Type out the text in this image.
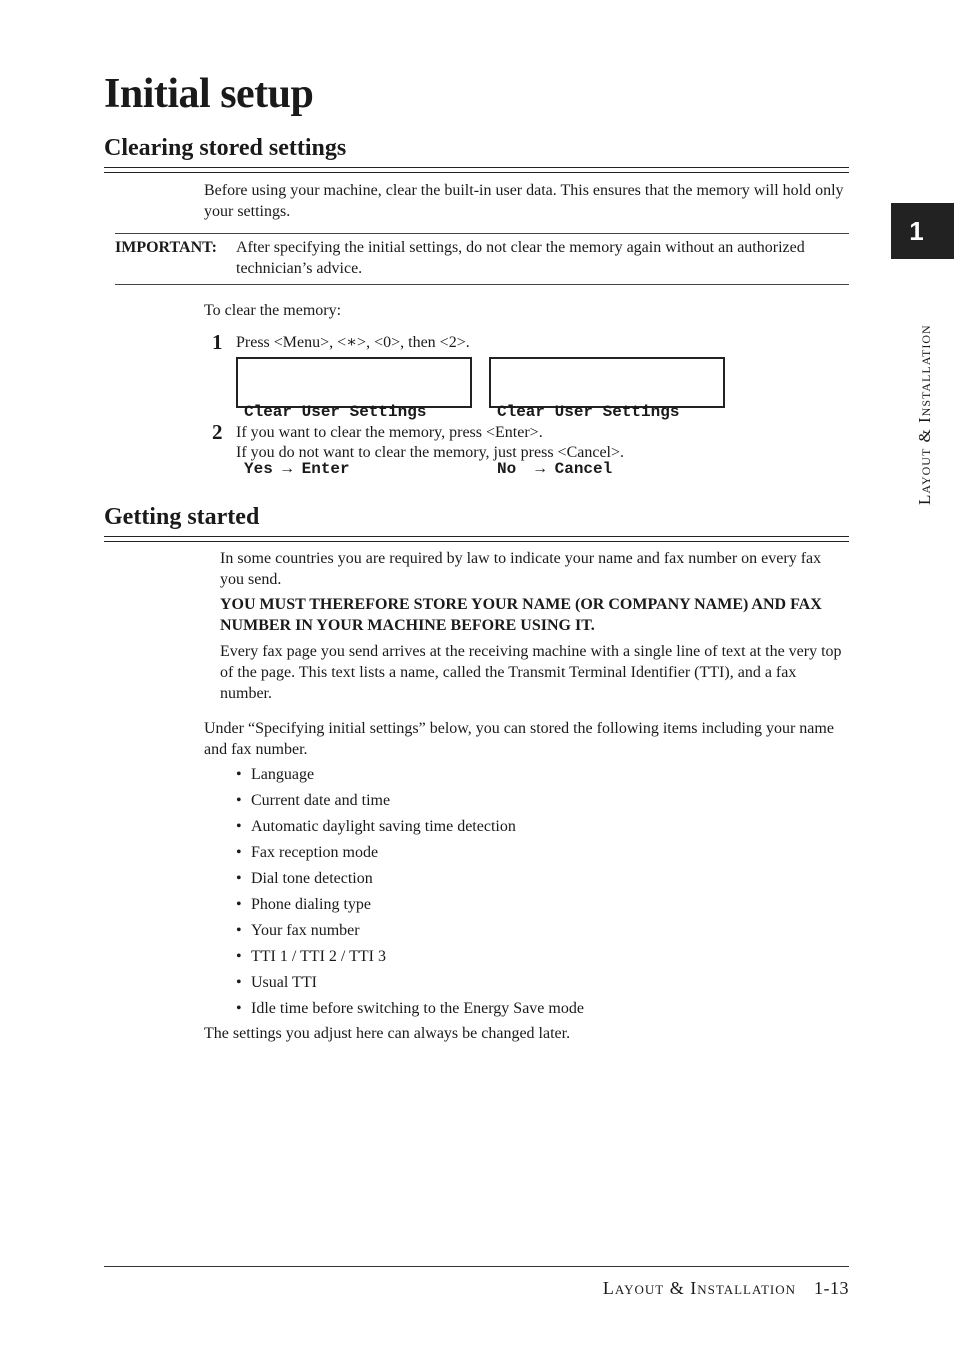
Initial setup
Clearing stored settings

Before using your machine, clear the built-in user data. This ensures that the memory will hold only your settings.

IMPORTANT: After specifying the initial settings, do not clear the memory again without an authorized technician’s advice.

To clear the memory:

1 Press <Menu>, <∗>, <0>, then <2>.

Clear User Settings

Yes → Enter

Clear User Settings

No  → Cancel

2 If you want to clear the memory, press <Enter>.

If you do not want to clear the memory, just press <Cancel>.

Getting started

In some countries you are required by law to indicate your name and fax number on every fax you send.

YOU MUST THEREFORE STORE YOUR NAME (OR COMPANY NAME) AND FAX NUMBER IN YOUR MACHINE BEFORE USING IT.

Every fax page you send arrives at the receiving machine with a single line of text at the very top of the page. This text lists a name, called the Transmit Terminal Identifier (TTI), and a fax number.

Under “Specifying initial settings” below, you can stored the following items including your name and fax number.

• Language
• Current date and time
• Automatic daylight saving time detection
• Fax reception mode
• Dial tone detection
• Phone dialing type
• Your fax number
• TTI 1 / TTI 2 / TTI 3
• Usual TTI
• Idle time before switching to the Energy Save mode

The settings you adjust here can always be changed later.

1
Layout & Installation
Layout & Installation 1-13
